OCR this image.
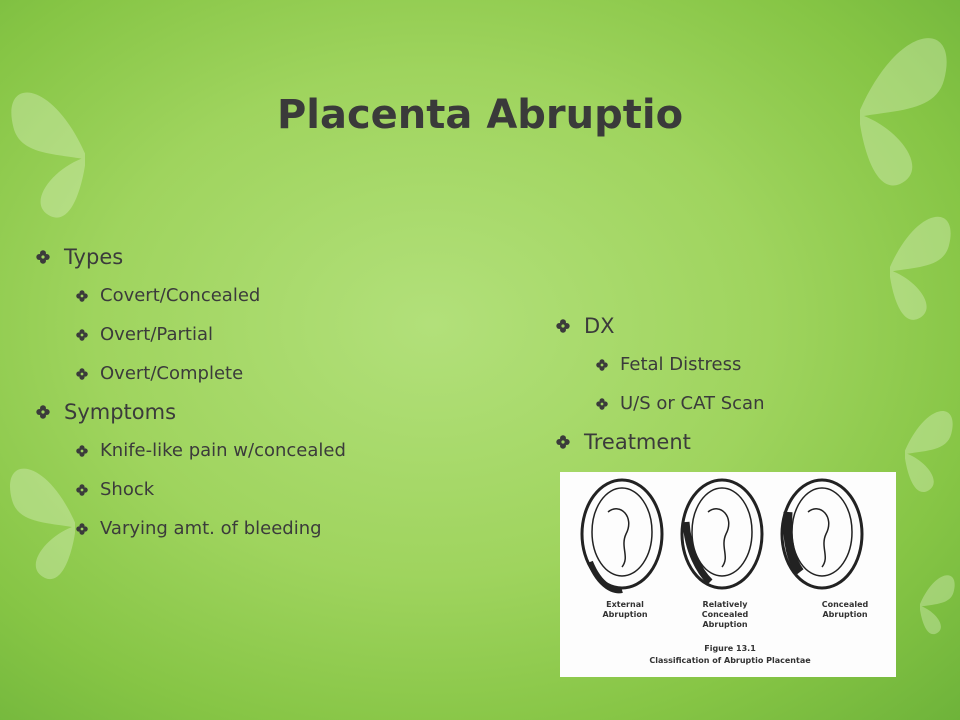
Placenta Abruptio
Types
Covert/Concealed
Overt/Partial
Overt/Complete
Symptoms
Knife-like pain w/concealed
Shock
Varying amt. of bleeding
DX
Fetal Distress
U/S or CAT Scan
Treatment
External Abruption
Relatively Concealed Abruption
Concealed Abruption
Figure 13.1
Classification of Abruptio Placentae
